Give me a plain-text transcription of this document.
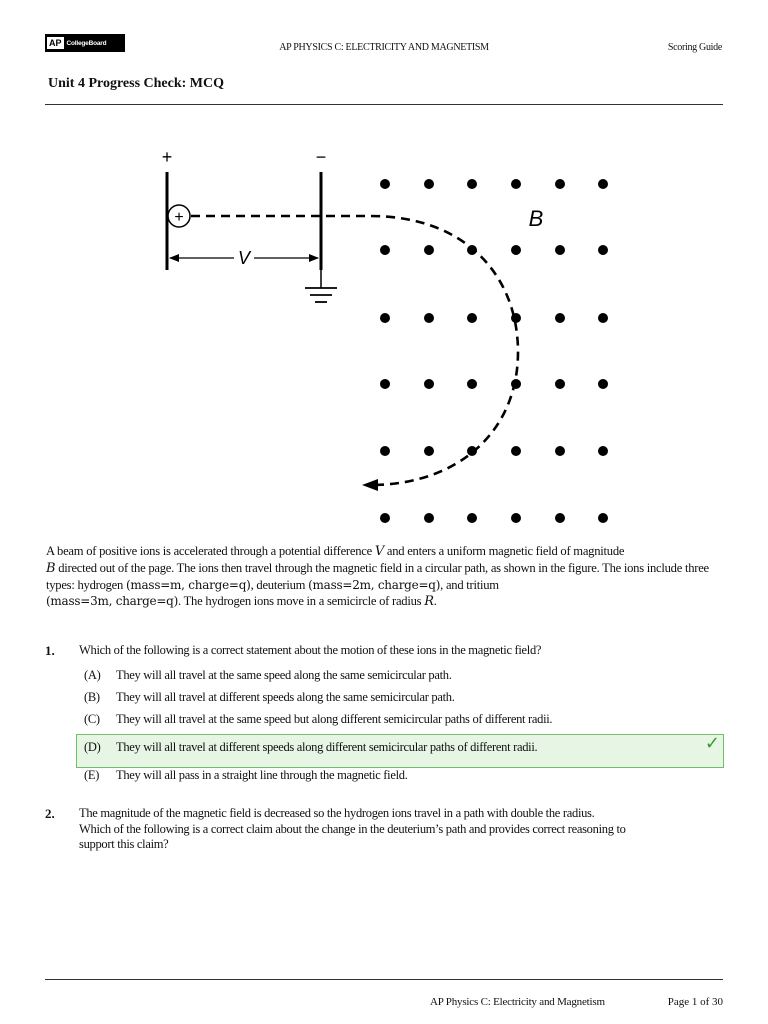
AP CollegeBoard	AP PHYSICS C: ELECTRICITY AND MAGNETISM	Scoring Guide
Unit 4 Progress Check: MCQ
+	−
+
V
B
A beam of positive ions is accelerated through a potential difference V and enters a uniform magnetic field of magnitude
B directed out of the page. The ions then travel through the magnetic field in a circular path, as shown in the figure. The ions include three types: hydrogen (mass=m, charge=q), deuterium (mass=2m, charge=q), and tritium
(mass=3m, charge=q). The hydrogen ions move in a semicircle of radius R.
1. Which of the following is a correct statement about the motion of these ions in the magnetic field?
(A) They will all travel at the same speed along the same semicircular path.
(B) They will all travel at different speeds along the same semicircular path.
(C) They will all travel at the same speed but along different semicircular paths of different radii.
(D) They will all travel at different speeds along different semicircular paths of different radii.
(E) They will all pass in a straight line through the magnetic field.
✓
2. The magnitude of the magnetic field is decreased so the hydrogen ions travel in a path with double the radius.
Which of the following is a correct claim about the change in the deuterium’s path and provides correct reasoning to
support this claim?
AP Physics C: Electricity and Magnetism	Page 1 of 30
